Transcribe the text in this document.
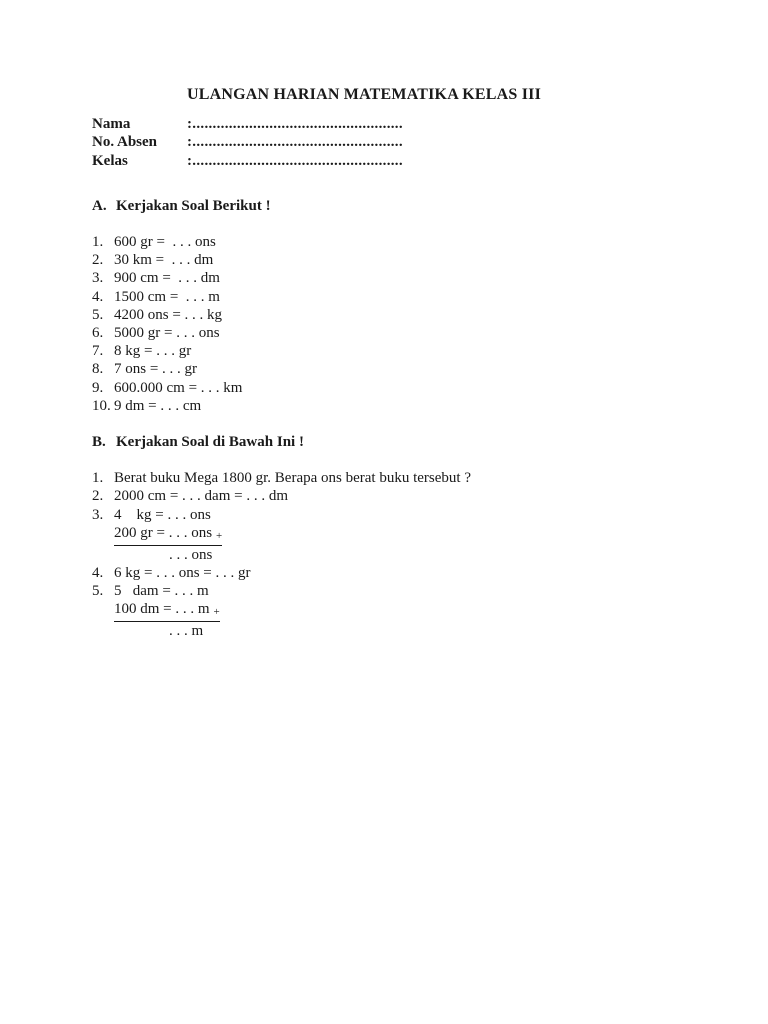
ULANGAN HARIAN MATEMATIKA KELAS III
Nama	:....................................................
No. Absen	:....................................................
Kelas	:....................................................
A. Kerjakan Soal Berikut !
1. 600 gr =  . . . ons
2. 30 km =  . . . dm
3. 900 cm =  . . . dm
4. 1500 cm =  . . . m
5. 4200 ons = . . . kg
6. 5000 gr = . . . ons
7. 8 kg = . . . gr
8. 7 ons = . . . gr
9. 600.000 cm = . . . km
10. 9 dm = . . . cm
B. Kerjakan Soal di Bawah Ini !
1. Berat buku Mega 1800 gr. Berapa ons berat buku tersebut ?
2. 2000 cm = . . . dam = . . . dm
3. 4    kg = . . . ons
200 gr = . . . ons +
. . . ons
4. 6 kg = . . . ons = . . . gr
5. 5   dam = . . . m
100 dm = . . . m +
. . . m
